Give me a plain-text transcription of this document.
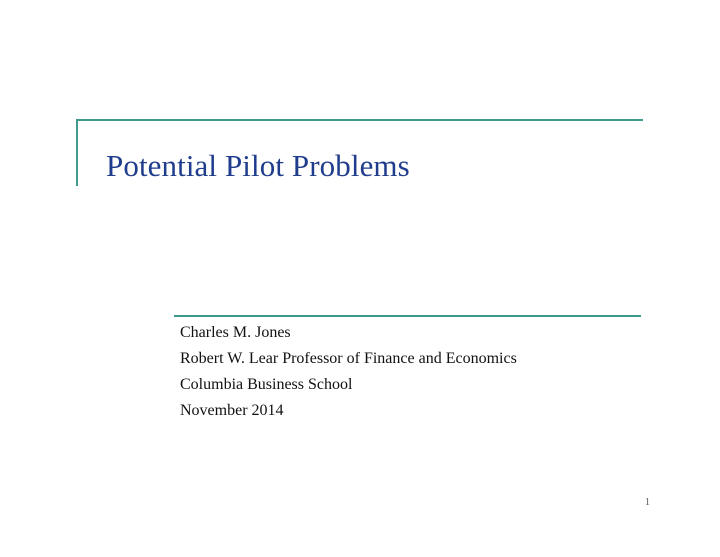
Potential Pilot Problems
Charles M. Jones
Robert W. Lear Professor of Finance and Economics
Columbia Business School
November 2014
1
